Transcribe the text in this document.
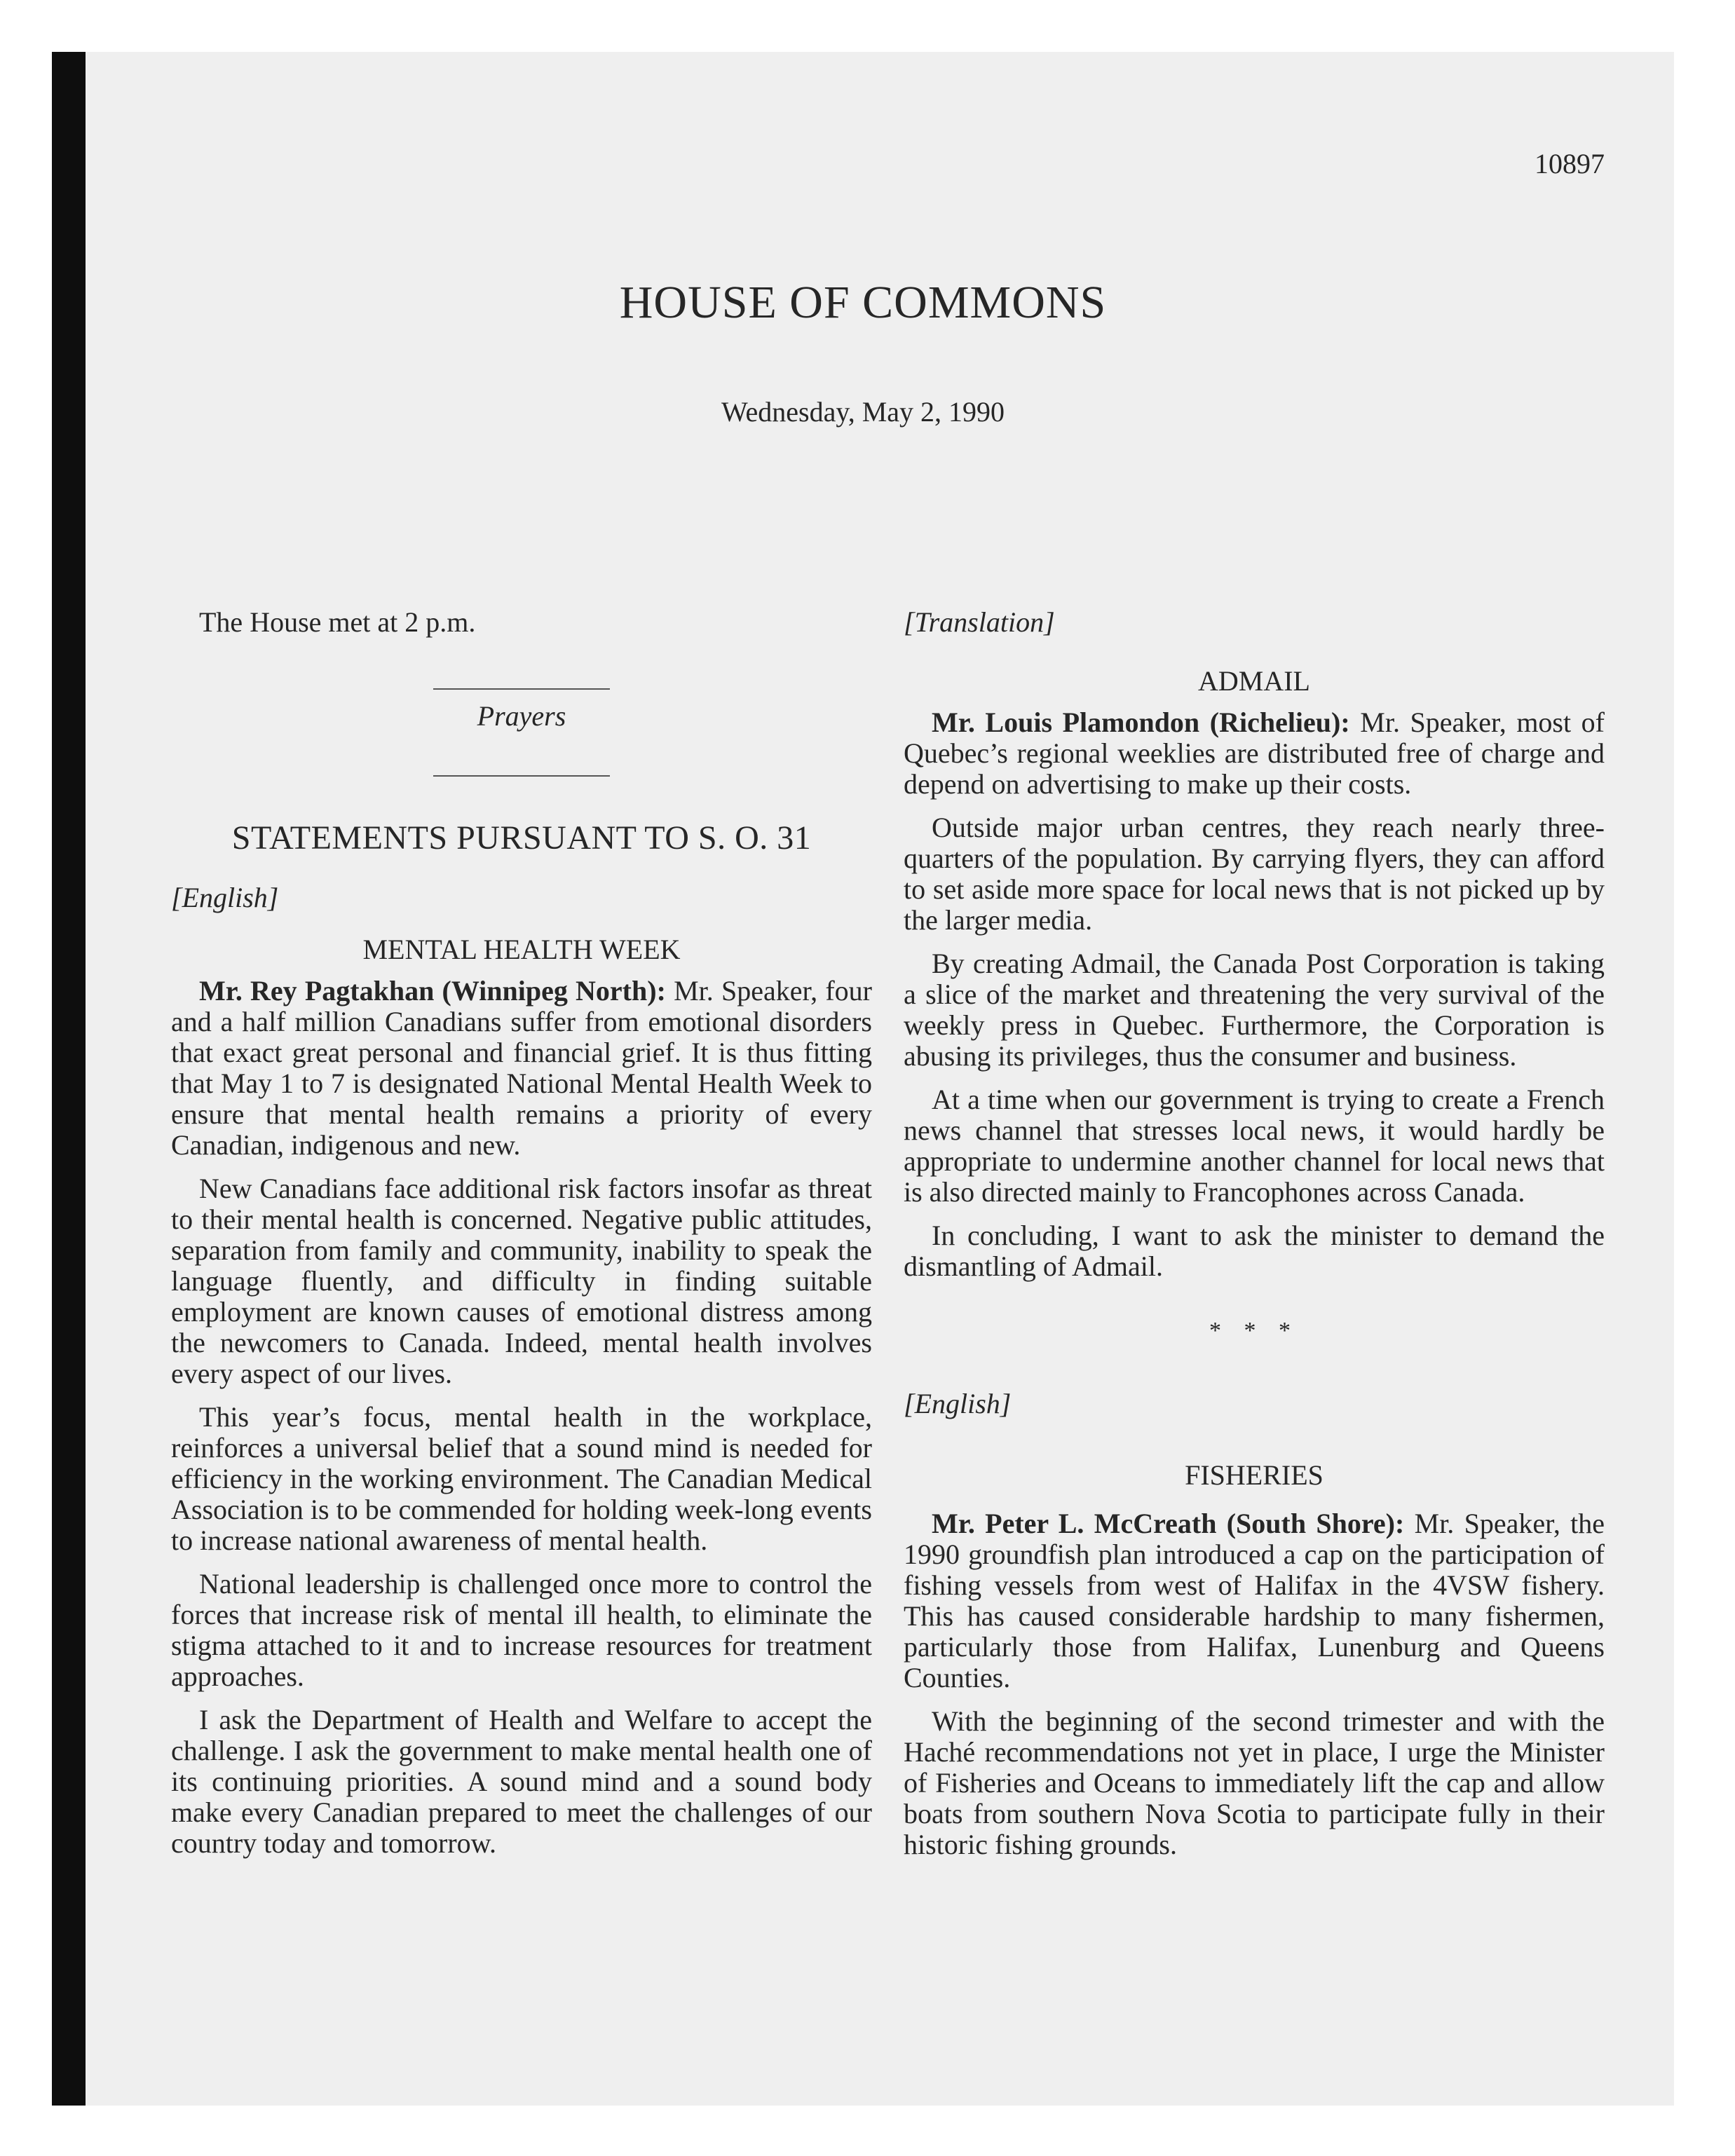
10897
HOUSE OF COMMONS
Wednesday, May 2, 1990

The House met at 2 p.m.

Prayers

STATEMENTS PURSUANT TO S. O. 31

[English]

MENTAL HEALTH WEEK

Mr. Rey Pagtakhan (Winnipeg North): Mr. Speaker, four and a half million Canadians suffer from emotional disorders that exact great personal and financial grief. It is thus fitting that May 1 to 7 is designated National Mental Health Week to ensure that mental health remains a priority of every Canadian, indigenous and new.

New Canadians face additional risk factors insofar as threat to their mental health is concerned. Negative public attitudes, separation from family and community, inability to speak the language fluently, and difficulty in finding suitable employment are known causes of emotional distress among the newcomers to Canada. Indeed, mental health involves every aspect of our lives.

This year’s focus, mental health in the workplace, reinforces a universal belief that a sound mind is needed for efficiency in the working environment. The Canadian Medical Association is to be commended for holding week-long events to increase national awareness of mental health.

National leadership is challenged once more to control the forces that increase risk of mental ill health, to eliminate the stigma attached to it and to increase resources for treatment approaches.

I ask the Department of Health and Welfare to accept the challenge. I ask the government to make mental health one of its continuing priorities. A sound mind and a sound body make every Canadian prepared to meet the challenges of our country today and tomorrow.

[Translation]

ADMAIL

Mr. Louis Plamondon (Richelieu): Mr. Speaker, most of Quebec’s regional weeklies are distributed free of charge and depend on advertising to make up their costs.

Outside major urban centres, they reach nearly three-quarters of the population. By carrying flyers, they can afford to set aside more space for local news that is not picked up by the larger media.

By creating Admail, the Canada Post Corporation is taking a slice of the market and threatening the very survival of the weekly press in Quebec. Furthermore, the Corporation is abusing its privileges, thus the consumer and business.

At a time when our government is trying to create a French news channel that stresses local news, it would hardly be appropriate to undermine another channel for local news that is also directed mainly to Francophones across Canada.

In concluding, I want to ask the minister to demand the dismantling of Admail.

* * *

[English]

FISHERIES

Mr. Peter L. McCreath (South Shore): Mr. Speaker, the 1990 groundfish plan introduced a cap on the participation of fishing vessels from west of Halifax in the 4VSW fishery. This has caused considerable hardship to many fishermen, particularly those from Halifax, Lunenburg and Queens Counties.

With the beginning of the second trimester and with the Haché recommendations not yet in place, I urge the Minister of Fisheries and Oceans to immediately lift the cap and allow boats from southern Nova Scotia to participate fully in their historic fishing grounds.
